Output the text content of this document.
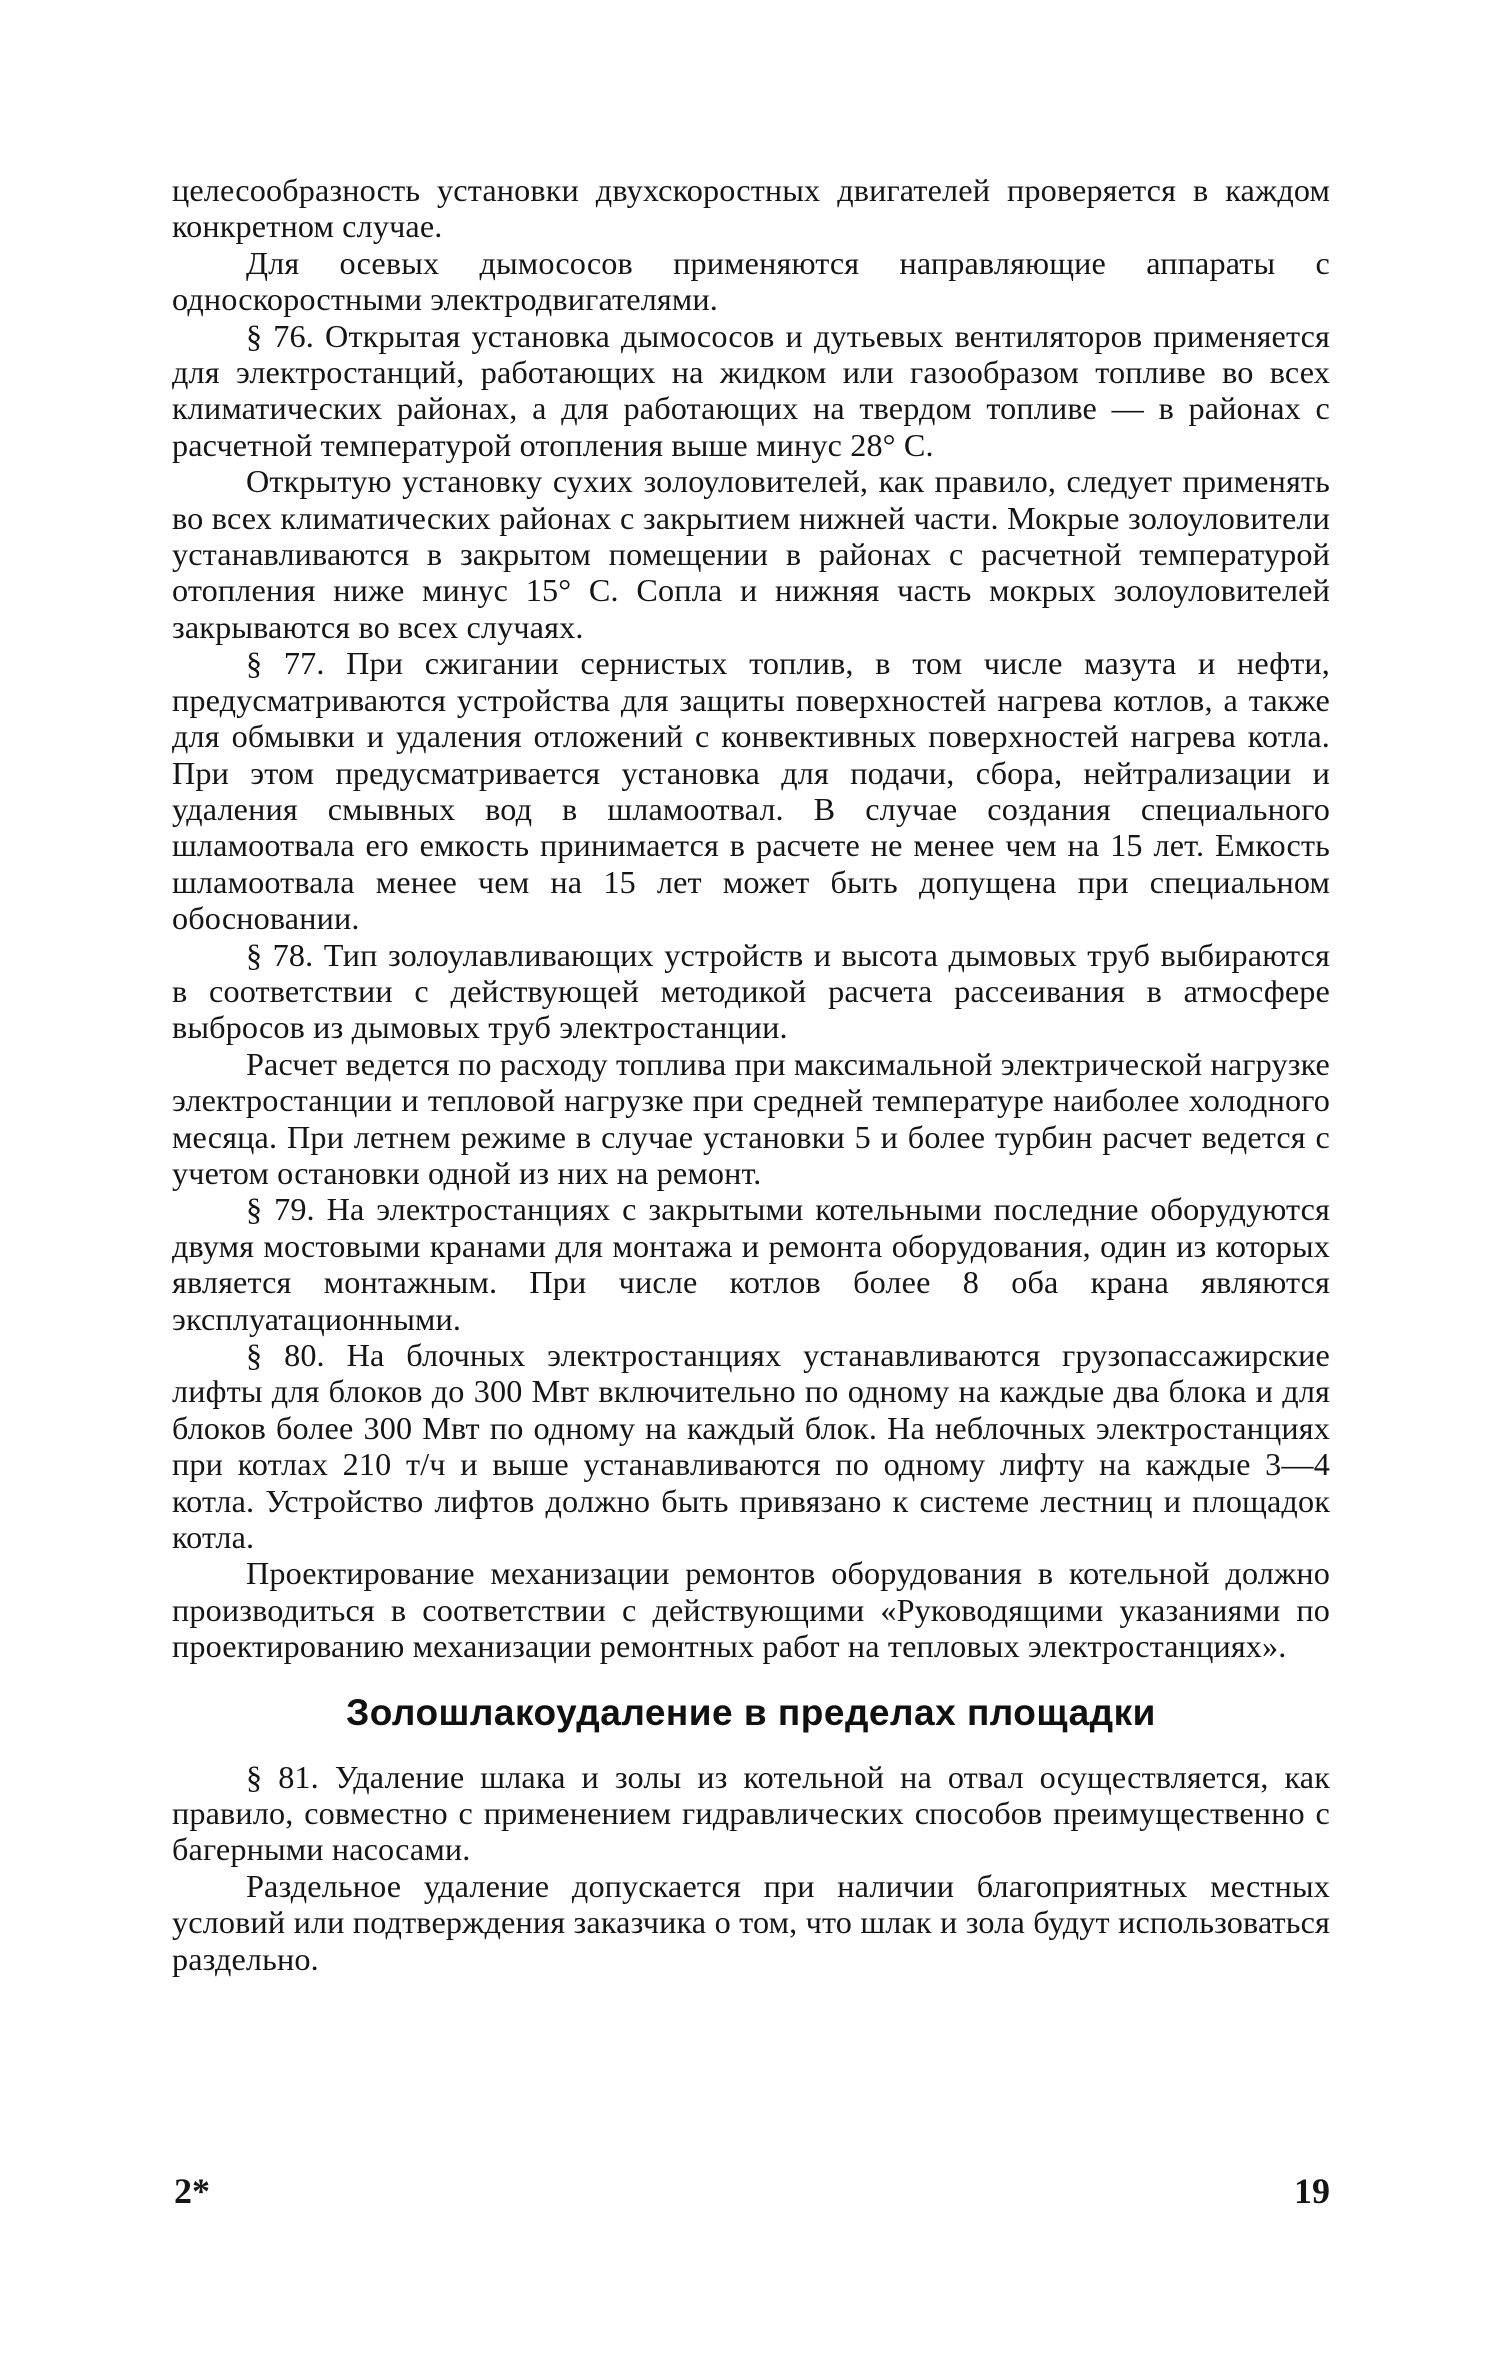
целесообразность установки двухскоростных двигателей проверяется в каждом конкретном случае.

Для осевых дымососов применяются направляющие аппараты с односкоростными электродвигателями.

§ 76. Открытая установка дымососов и дутьевых вентиляторов применяется для электростанций, работающих на жидком или газообразом топливе во всех климатических районах, а для работающих на твердом топливе — в районах с расчетной температурой отопления выше минус 28° С.

Открытую установку сухих золоуловителей, как правило, следует применять во всех климатических районах с закрытием нижней части. Мокрые золоуловители устанавливаются в закрытом помещении в районах с расчетной температурой отопления ниже минус 15° С. Сопла и нижняя часть мокрых золоуловителей закрываются во всех случаях.

§ 77. При сжигании сернистых топлив, в том числе мазута и нефти, предусматриваются устройства для защиты поверхностей нагрева котлов, а также для обмывки и удаления отложений с конвективных поверхностей нагрева котла. При этом предусматривается установка для подачи, сбора, нейтрализации и удаления смывных вод в шламоотвал. В случае создания специального шламоотвала его емкость принимается в расчете не менее чем на 15 лет. Емкость шламоотвала менее чем на 15 лет может быть допущена при специальном обосновании.

§ 78. Тип золоулавливающих устройств и высота дымовых труб выбираются в соответствии с действующей методикой расчета рассеивания в атмосфере выбросов из дымовых труб электростанции.

Расчет ведется по расходу топлива при максимальной электрической нагрузке электростанции и тепловой нагрузке при средней температуре наиболее холодного месяца. При летнем режиме в случае установки 5 и более турбин расчет ведется с учетом остановки одной из них на ремонт.

§ 79. На электростанциях с закрытыми котельными последние оборудуются двумя мостовыми кранами для монтажа и ремонта оборудования, один из которых является монтажным. При числе котлов более 8 оба крана являются эксплуатационными.

§ 80. На блочных электростанциях устанавливаются грузопассажирские лифты для блоков до 300 Мвт включительно по одному на каждые два блока и для блоков более 300 Мвт по одному на каждый блок. На неблочных электростанциях при котлах 210 т/ч и выше устанавливаются по одному лифту на каждые 3—4 котла. Устройство лифтов должно быть привязано к системе лестниц и площадок котла.

Проектирование механизации ремонтов оборудования в котельной должно производиться в соответствии с действующими «Руководящими указаниями по проектированию механизации ремонтных работ на тепловых электростанциях».

Золошлакоудаление в пределах площадки

§ 81. Удаление шлака и золы из котельной на отвал осуществляется, как правило, совместно с применением гидравлических способов преимущественно с багерными насосами.

Раздельное удаление допускается при наличии благоприятных местных условий или подтверждения заказчика о том, что шлак и зола будут использоваться раздельно.

2*	19
